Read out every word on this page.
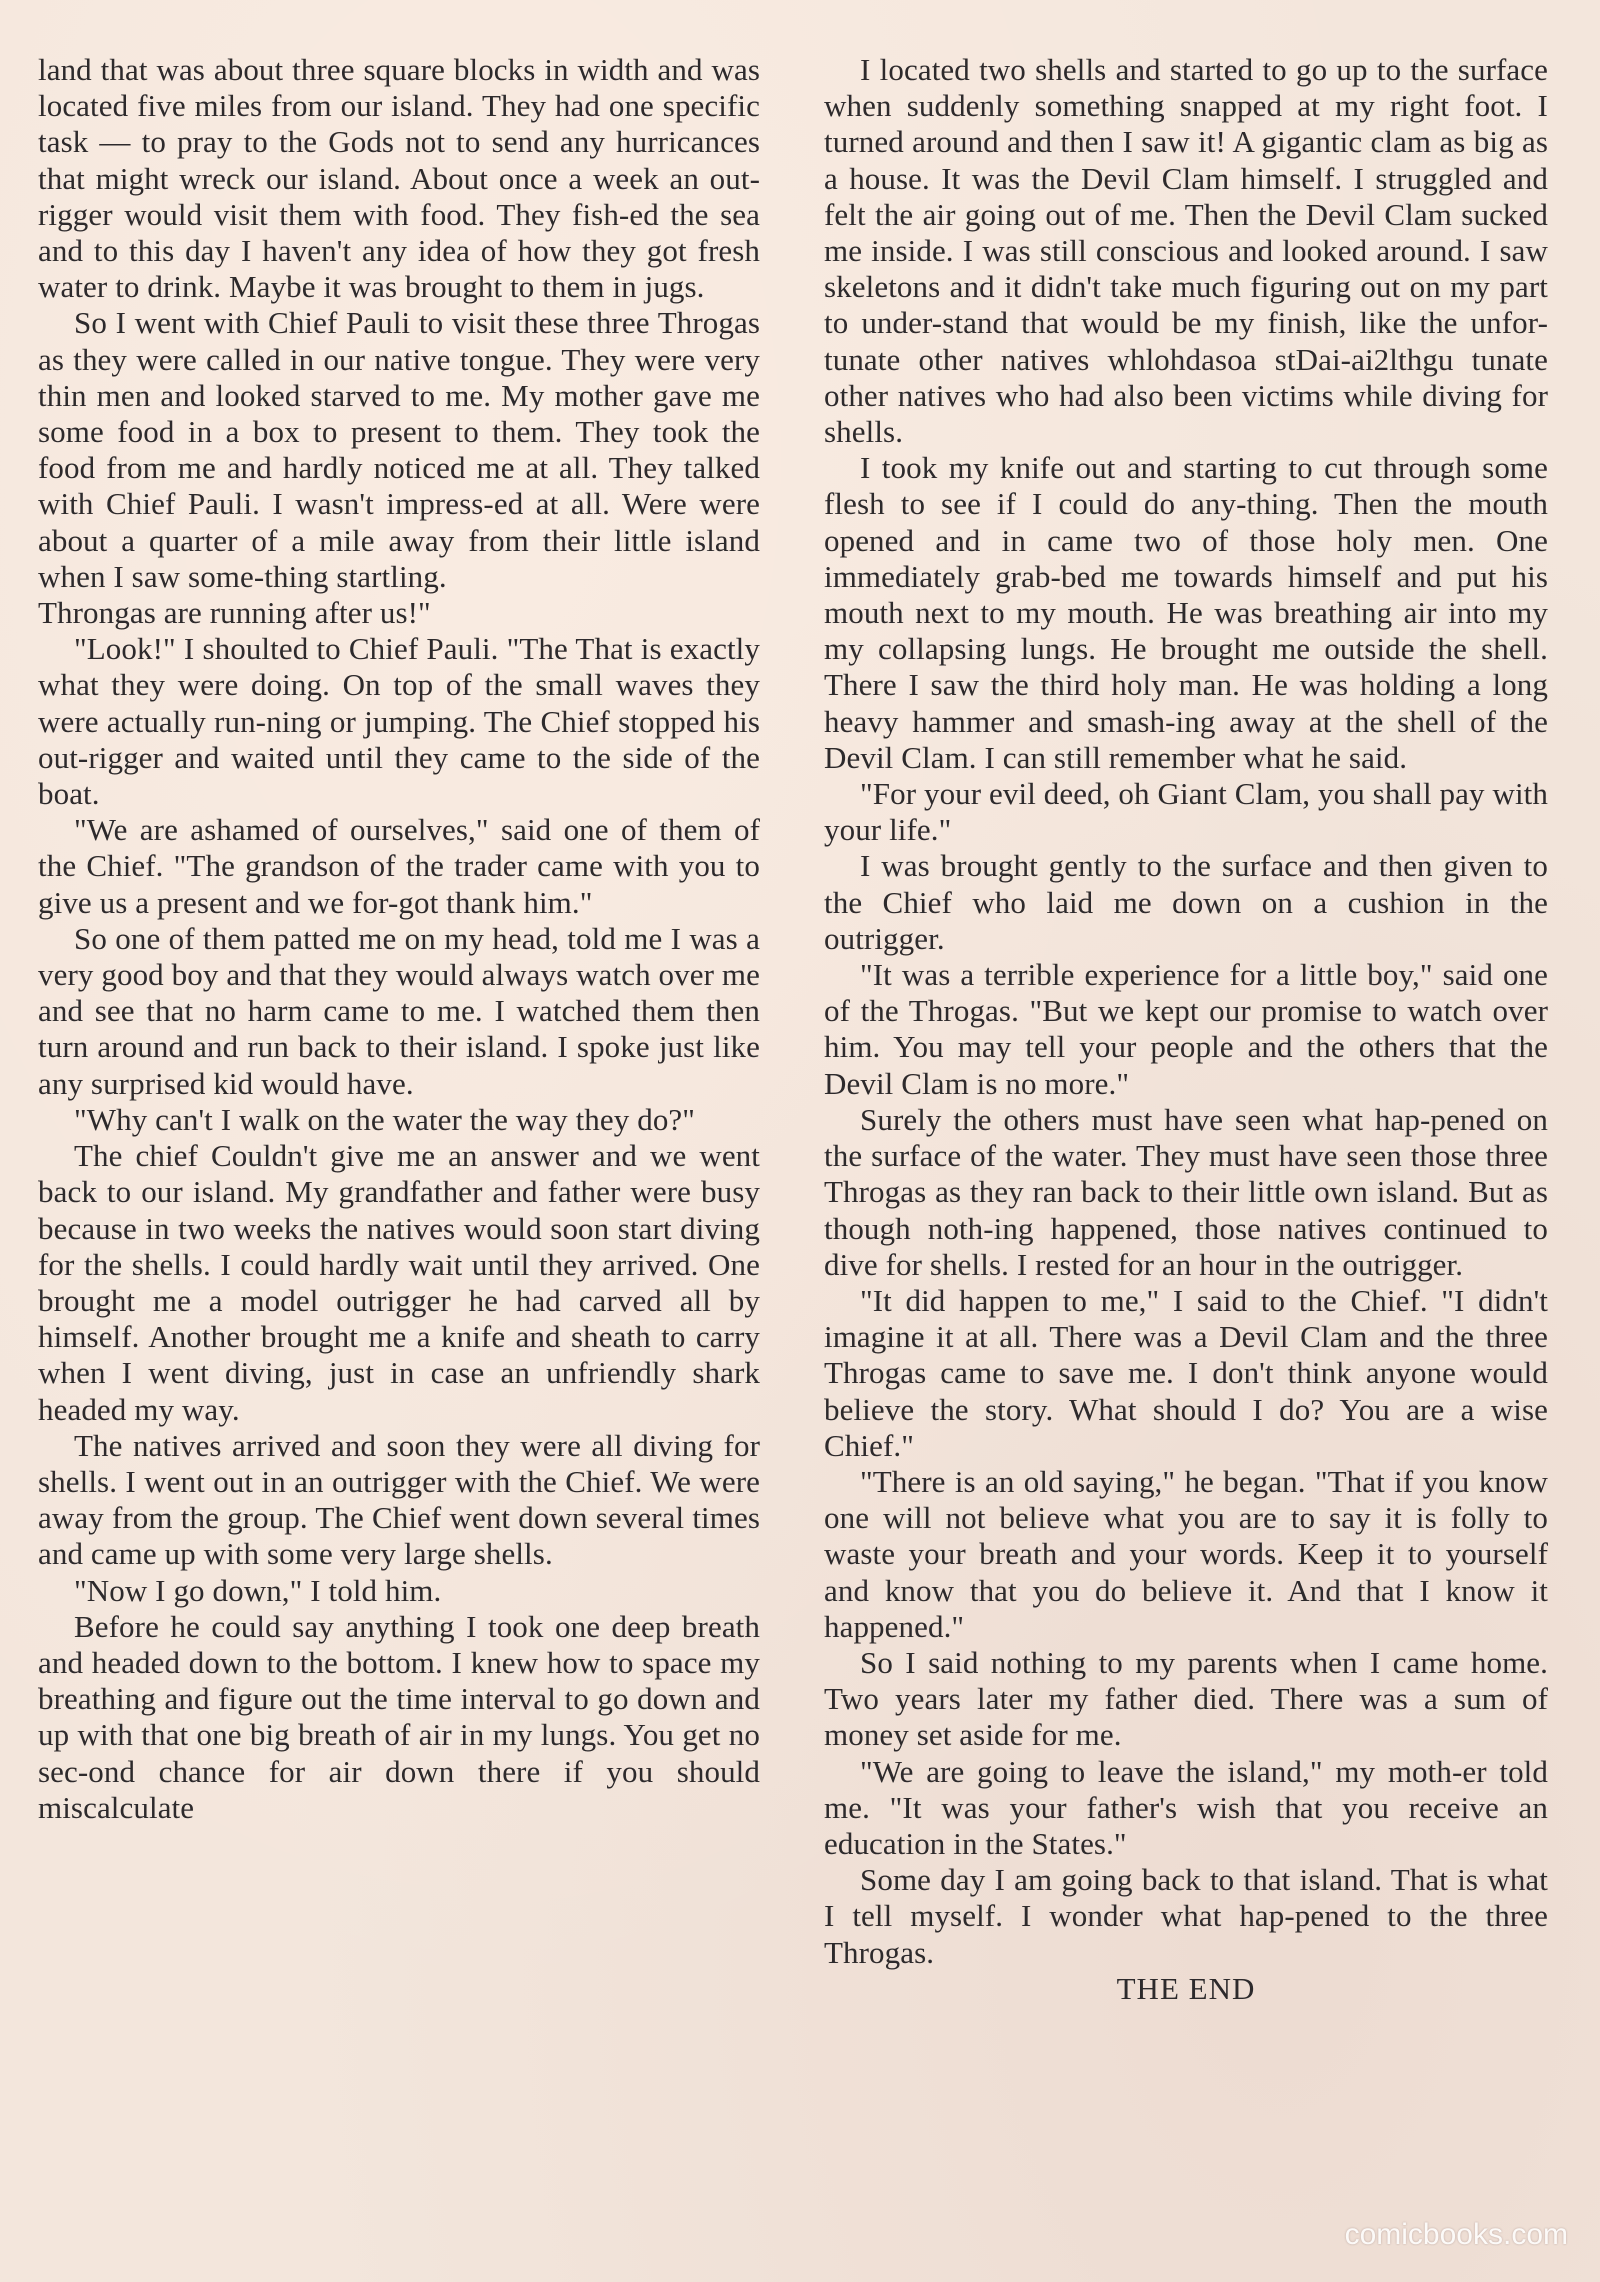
land that was about three square blocks in width and was located five miles from our island. They had one specific task — to pray to the Gods not to send any hurricances that might wreck our island. About once a week an out-rigger would visit them with food. They fish-ed the sea and to this day I haven't any idea of how they got fresh water to drink. Maybe it was brought to them in jugs.

So I went with Chief Pauli to visit these three Throgas as they were called in our native tongue. They were very thin men and looked starved to me. My mother gave me some food in a box to present to them. They took the food from me and hardly noticed me at all. They talked with Chief Pauli. I wasn't impress-ed at all. Were were about a quarter of a mile away from their little island when I saw some-thing startling.

Throngas are running after us!"

"Look!" I shoulted to Chief Pauli. "The That is exactly what they were doing. On top of the small waves they were actually run-ning or jumping. The Chief stopped his out-rigger and waited until they came to the side of the boat.

"We are ashamed of ourselves," said one of them of the Chief. "The grandson of the trader came with you to give us a present and we for-got thank him."

So one of them patted me on my head, told me I was a very good boy and that they would always watch over me and see that no harm came to me. I watched them then turn around and run back to their island. I spoke just like any surprised kid would have.

"Why can't I walk on the water the way they do?"

The chief Couldn't give me an answer and we went back to our island. My grandfather and father were busy because in two weeks the natives would soon start diving for the shells. I could hardly wait until they arrived. One brought me a model outrigger he had carved all by himself. Another brought me a knife and sheath to carry when I went diving, just in case an unfriendly shark headed my way.

The natives arrived and soon they were all diving for shells. I went out in an outrigger with the Chief. We were away from the group. The Chief went down several times and came up with some very large shells.

"Now I go down," I told him.

Before he could say anything I took one deep breath and headed down to the bottom. I knew how to space my breathing and figure out the time interval to go down and up with that one big breath of air in my lungs. You get no sec-ond chance for air down there if you should miscalculate

I located two shells and started to go up to the surface when suddenly something snapped at my right foot. I turned around and then I saw it! A gigantic clam as big as a house. It was the Devil Clam himself. I struggled and felt the air going out of me. Then the Devil Clam sucked me inside. I was still conscious and looked around. I saw skeletons and it didn't take much figuring out on my part to under-stand that would be my finish, like the unfor-tunate other natives whlohdasoa stDai-ai2lthgu tunate other natives who had also been victims while diving for shells.

I took my knife out and starting to cut through some flesh to see if I could do any-thing. Then the mouth opened and in came two of those holy men. One immediately grab-bed me towards himself and put his mouth next to my mouth. He was breathing air into my my collapsing lungs. He brought me outside the shell. There I saw the third holy man. He was holding a long heavy hammer and smash-ing away at the shell of the Devil Clam. I can still remember what he said.

"For your evil deed, oh Giant Clam, you shall pay with your life."

I was brought gently to the surface and then given to the Chief who laid me down on a cushion in the outrigger.

"It was a terrible experience for a little boy," said one of the Throgas. "But we kept our promise to watch over him. You may tell your people and the others that the Devil Clam is no more."

Surely the others must have seen what hap-pened on the surface of the water. They must have seen those three Throgas as they ran back to their little own island. But as though noth-ing happened, those natives continued to dive for shells. I rested for an hour in the outrigger.

"It did happen to me," I said to the Chief. "I didn't imagine it at all. There was a Devil Clam and the three Throgas came to save me. I don't think anyone would believe the story. What should I do? You are a wise Chief."

"There is an old saying," he began. "That if you know one will not believe what you are to say it is folly to waste your breath and your words. Keep it to yourself and know that you do believe it. And that I know it happened."

So I said nothing to my parents when I came home. Two years later my father died. There was a sum of money set aside for me.

"We are going to leave the island," my moth-er told me. "It was your father's wish that you receive an education in the States."

Some day I am going back to that island. That is what I tell myself. I wonder what hap-pened to the three Throgas.

THE END
comicbooks.com
